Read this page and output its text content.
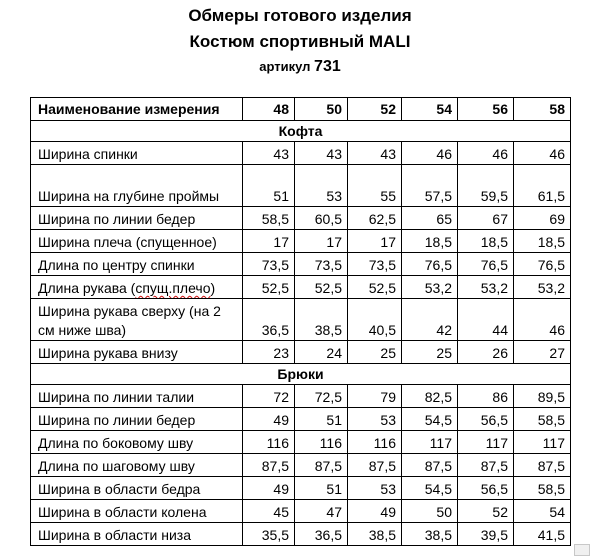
Обмеры готового изделия
Костюм спортивный MALI
артикул 731
Наименование измерения	48	50	52	54	56	58
Кофта						
Ширина спинки	43	43	43	46	46	46
Ширина на глубине проймы	51	53	55	57,5	59,5	61,5
Ширина по линии бедер	58,5	60,5	62,5	65	67	69
Ширина плеча (спущенное)	17	17	17	18,5	18,5	18,5
Длина по центру спинки	73,5	73,5	73,5	76,5	76,5	76,5
Длина рукава (спущ.плечо)	52,5	52,5	52,5	53,2	53,2	53,2
Ширина рукава сверху (на 2 см ниже шва)	36,5	38,5	40,5	42	44	46
Ширина рукава внизу	23	24	25	25	26	27
Брюки						
Ширина по линии талии	72	72,5	79	82,5	86	89,5
Ширина по линии бедер	49	51	53	54,5	56,5	58,5
Длина по боковому шву	116	116	116	117	117	117
Длина по шаговому шву	87,5	87,5	87,5	87,5	87,5	87,5
Ширина в области бедра	49	51	53	54,5	56,5	58,5
Ширина в области колена	45	47	49	50	52	54
Ширина в области низа	35,5	36,5	38,5	38,5	39,5	41,5
